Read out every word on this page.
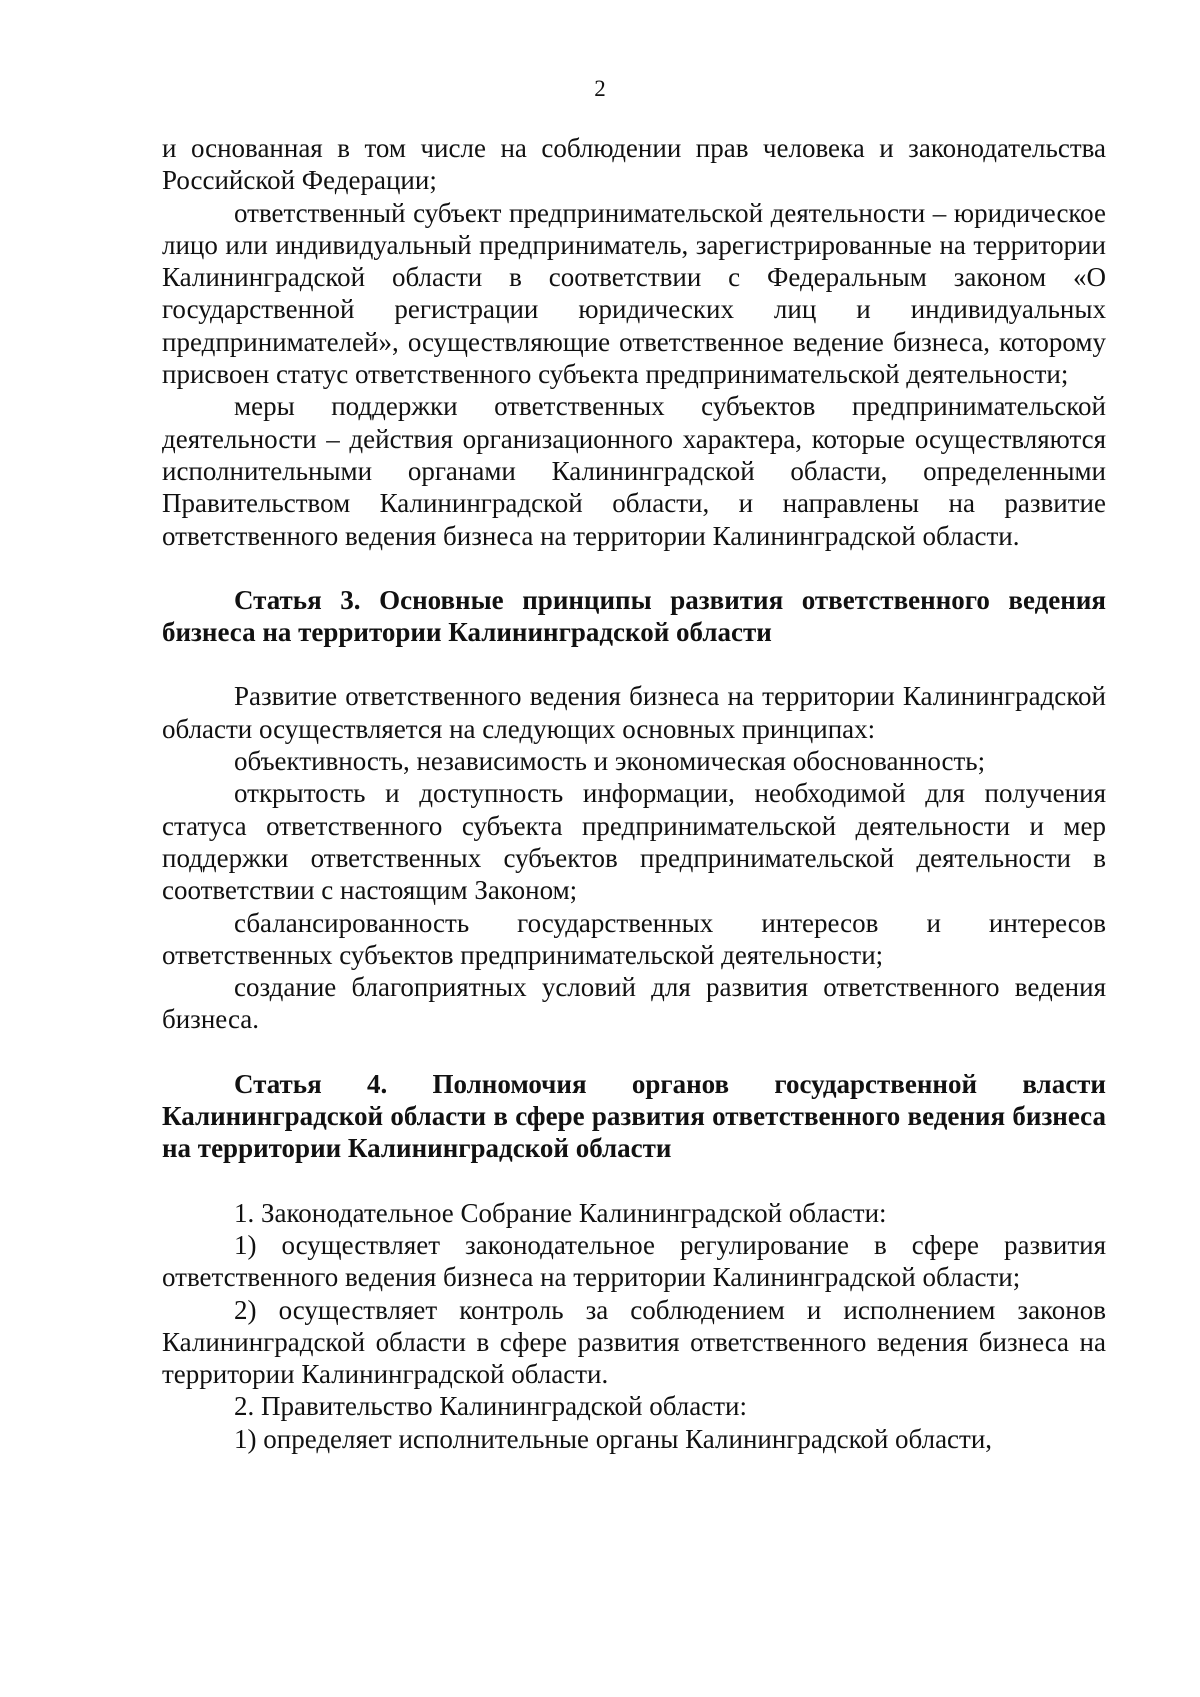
2

и основанная в том числе на соблюдении прав человека и законодательства Российской Федерации;

ответственный субъект предпринимательской деятельности – юридическое лицо или индивидуальный предприниматель, зарегистрированные на территории Калининградской области в соответствии с Федеральным законом «О государственной регистрации юридических лиц и индивидуальных предпринимателей», осуществляющие ответственное ведение бизнеса, которому присвоен статус ответственного субъекта предпринимательской деятельности;

меры поддержки ответственных субъектов предпринимательской деятельности – действия организационного характера, которые осуществляются исполнительными органами Калининградской области, определенными Правительством Калининградской области, и направлены на развитие ответственного ведения бизнеса на территории Калининградской области.

Статья 3. Основные принципы развития ответственного ведения бизнеса на территории Калининградской области

Развитие ответственного ведения бизнеса на территории Калининградской области осуществляется на следующих основных принципах:

объективность, независимость и экономическая обоснованность;

открытость и доступность информации, необходимой для получения статуса ответственного субъекта предпринимательской деятельности и мер поддержки ответственных субъектов предпринимательской деятельности в соответствии с настоящим Законом;

сбалансированность государственных интересов и интересов ответственных субъектов предпринимательской деятельности;

создание благоприятных условий для развития ответственного ведения бизнеса.

Статья 4. Полномочия органов государственной власти Калининградской области в сфере развития ответственного ведения бизнеса на территории Калининградской области

1. Законодательное Собрание Калининградской области:

1) осуществляет законодательное регулирование в сфере развития ответственного ведения бизнеса на территории Калининградской области;

2) осуществляет контроль за соблюдением и исполнением законов Калининградской области в сфере развития ответственного ведения бизнеса на территории Калининградской области.

2. Правительство Калининградской области:

1) определяет исполнительные органы Калининградской области,
